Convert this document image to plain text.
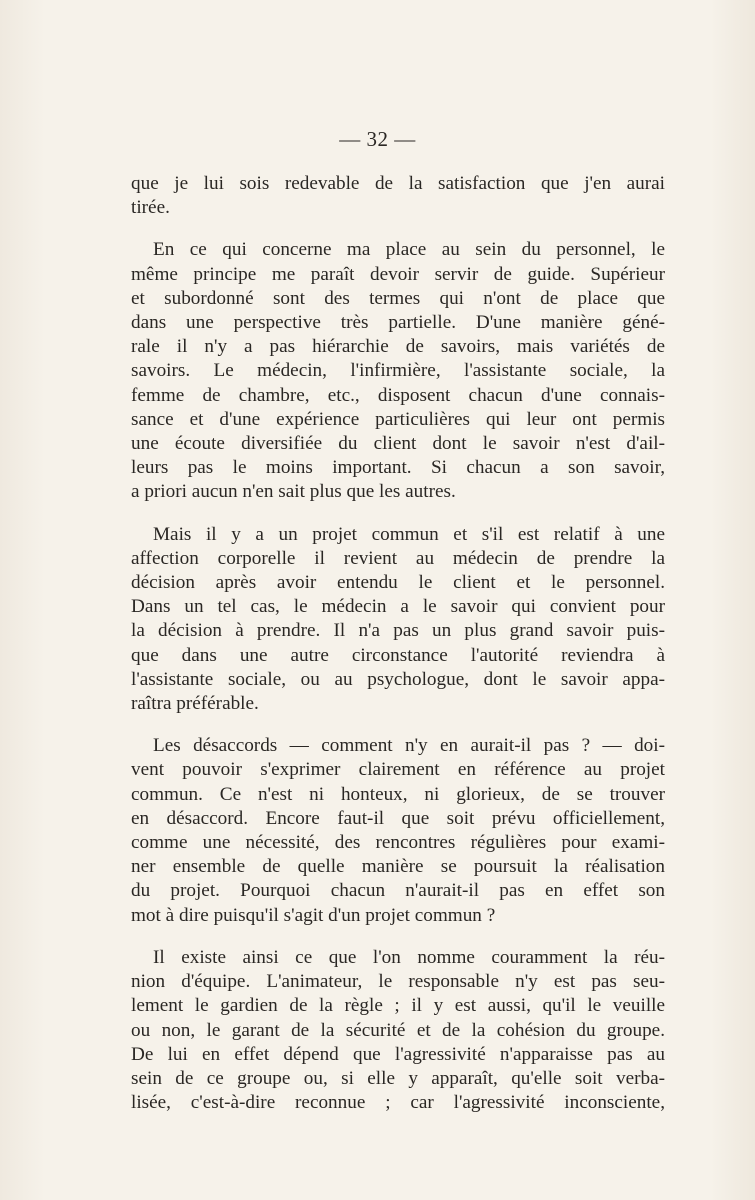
— 32 —

que je lui sois redevable de la satisfaction que j'en aurai
tirée.

En ce qui concerne ma place au sein du personnel, le
même principe me paraît devoir servir de guide. Supérieur
et subordonné sont des termes qui n'ont de place que
dans une perspective très partielle. D'une manière géné-
rale il n'y a pas hiérarchie de savoirs, mais variétés de
savoirs. Le médecin, l'infirmière, l'assistante sociale, la
femme de chambre, etc., disposent chacun d'une connais-
sance et d'une expérience particulières qui leur ont permis
une écoute diversifiée du client dont le savoir n'est d'ail-
leurs pas le moins important. Si chacun a son savoir,
a priori aucun n'en sait plus que les autres.

Mais il y a un projet commun et s'il est relatif à une
affection corporelle il revient au médecin de prendre la
décision après avoir entendu le client et le personnel.
Dans un tel cas, le médecin a le savoir qui convient pour
la décision à prendre. Il n'a pas un plus grand savoir puis-
que dans une autre circonstance l'autorité reviendra à
l'assistante sociale, ou au psychologue, dont le savoir appa-
raîtra préférable.

Les désaccords — comment n'y en aurait-il pas ? — doi-
vent pouvoir s'exprimer clairement en référence au projet
commun. Ce n'est ni honteux, ni glorieux, de se trouver
en désaccord. Encore faut-il que soit prévu officiellement,
comme une nécessité, des rencontres régulières pour exami-
ner ensemble de quelle manière se poursuit la réalisation
du projet. Pourquoi chacun n'aurait-il pas en effet son
mot à dire puisqu'il s'agit d'un projet commun ?

Il existe ainsi ce que l'on nomme couramment la réu-
nion d'équipe. L'animateur, le responsable n'y est pas seu-
lement le gardien de la règle ; il y est aussi, qu'il le veuille
ou non, le garant de la sécurité et de la cohésion du groupe.
De lui en effet dépend que l'agressivité n'apparaisse pas au
sein de ce groupe ou, si elle y apparaît, qu'elle soit verba-
lisée, c'est-à-dire reconnue ; car l'agressivité inconsciente,
